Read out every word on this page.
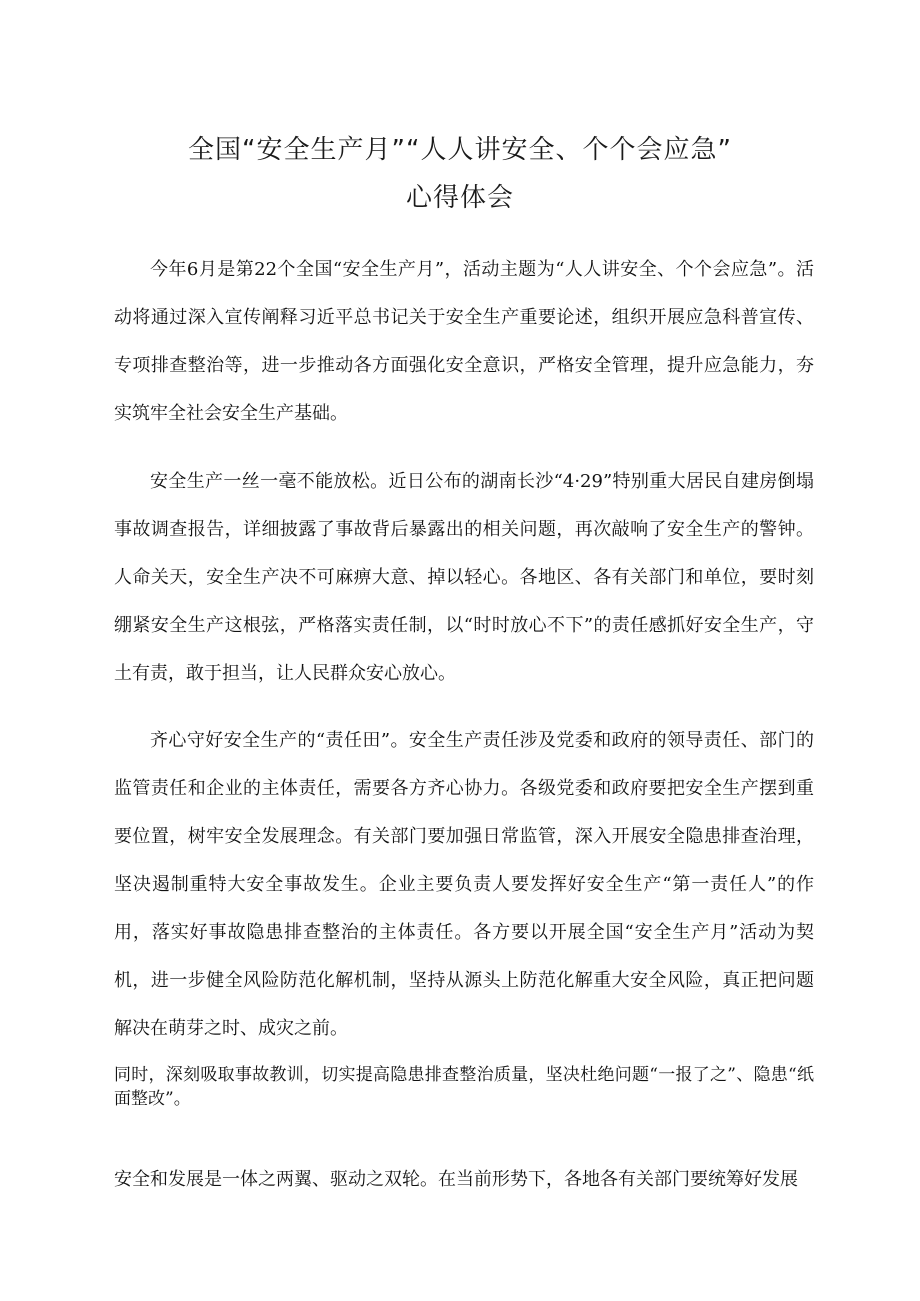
全国“安全生产月”“人人讲安全、个个会应急”
心得体会

今年6月是第22个全国“安全生产月”，活动主题为“人人讲安全、个个会应急”。活动将通过深入宣传阐释习近平总书记关于安全生产重要论述，组织开展应急科普宣传、专项排查整治等，进一步推动各方面强化安全意识，严格安全管理，提升应急能力，夯实筑牢全社会安全生产基础。

安全生产一丝一毫不能放松。近日公布的湖南长沙“4·29”特别重大居民自建房倒塌事故调查报告，详细披露了事故背后暴露出的相关问题，再次敲响了安全生产的警钟。人命关天，安全生产决不可麻痹大意、掉以轻心。各地区、各有关部门和单位，要时刻绷紧安全生产这根弦，严格落实责任制，以“时时放心不下”的责任感抓好安全生产，守土有责，敢于担当，让人民群众安心放心。

齐心守好安全生产的“责任田”。安全生产责任涉及党委和政府的领导责任、部门的监管责任和企业的主体责任，需要各方齐心协力。各级党委和政府要把安全生产摆到重要位置，树牢安全发展理念。有关部门要加强日常监管，深入开展安全隐患排查治理，坚决遏制重特大安全事故发生。企业主要负责人要发挥好安全生产“第一责任人”的作用，落实好事故隐患排查整治的主体责任。各方要以开展全国“安全生产月”活动为契机，进一步健全风险防范化解机制，坚持从源头上防范化解重大安全风险，真正把问题解决在萌芽之时、成灾之前。

同时，深刻吸取事故教训，切实提高隐患排查整治质量，坚决杜绝问题“一报了之”、隐患“纸面整改”。

安全和发展是一体之两翼、驱动之双轮。在当前形势下，各地各有关部门要统筹好发展
